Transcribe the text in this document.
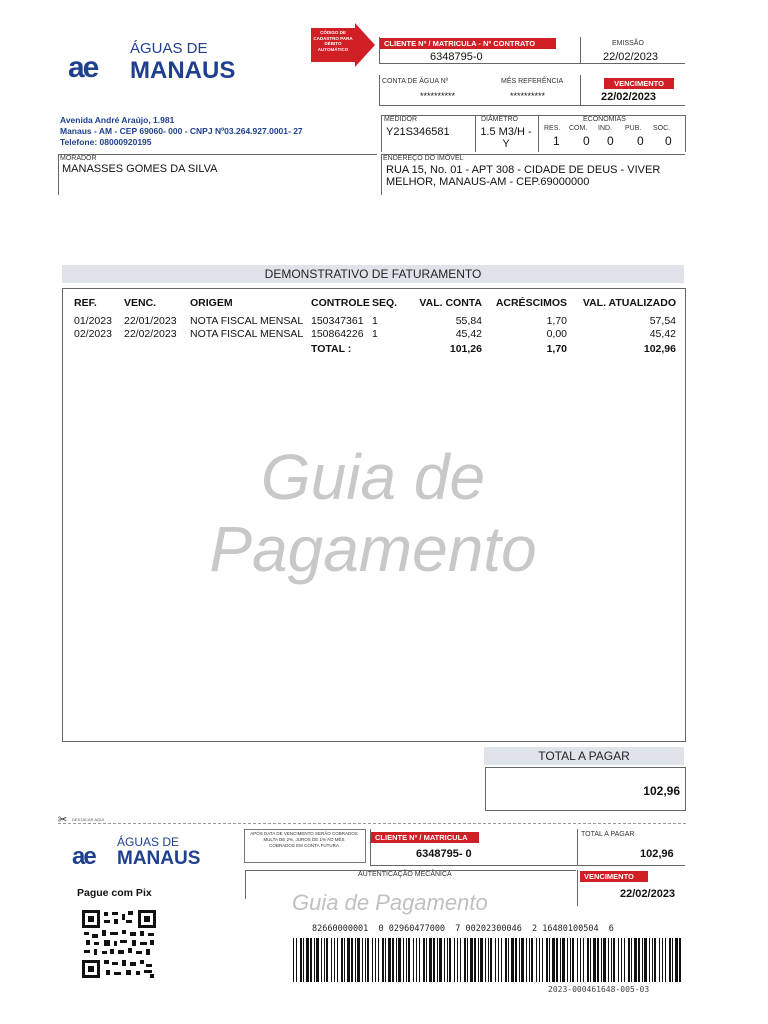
ÁGUAS DE
ae MANAUS
CÓDIGO DE CADASTRO PARA DÉBITO AUTOMÁTICO
CLIENTE Nº / MATRICULA - Nº CONTRATO
6348795-0
EMISSÃO
22/02/2023
CONTA DE ÁGUA Nº
**********
MÊS REFERÊNCIA
**********
VENCIMENTO
22/02/2023
Avenida André Araújo, 1.981
Manaus - AM - CEP 69060- 000 - CNPJ Nº03.264.927.0001- 27
Telefone: 08000920195
MEDIDOR
Y21S346581
DIÂMETRO
1.5 M3/H - Y
ECONOMIAS
RES. COM. IND. PUB. SOC.
1 0 0 0 0
MORADOR
MANASSES GOMES DA SILVA
ENDEREÇO DO IMÓVEL
RUA 15, No. 01 - APT 308 - CIDADE DE DEUS - VIVER MELHOR, MANAUS-AM - CEP.69000000
DEMONSTRATIVO DE FATURAMENTO
Guia de
Pagamento
REF.	VENC.	ORIGEM	CONTROLE	SEQ.	VAL. CONTA	ACRÉSCIMOS	VAL. ATUALIZADO
01/2023	22/01/2023	NOTA FISCAL MENSAL	150347361	1	55,84	1,70	57,54
02/2023	22/02/2023	NOTA FISCAL MENSAL	150864226	1	45,42	0,00	45,42
			TOTAL :		101,26	1,70	102,96
TOTAL A PAGAR
102,96
✂ DESTACAR AQUI
ÁGUAS DE
ae MANAUS
APÓS DATA DE VENCIMENTO SERÃO COBRADOS MULTA DE 2%, JUROS DE 1% AO MÊS COBRADOS EM CONTA FUTURA
CLIENTE Nº / MATRICULA
6348795- 0
TOTAL A PAGAR
102,96
AUTENTICAÇÃO MECÂNICA
Guia de Pagamento
VENCIMENTO
22/02/2023
Pague com Pix
82660000001  0 02960477000  7 00202300046  2 16480100504  6
2023-000461648-005-03
